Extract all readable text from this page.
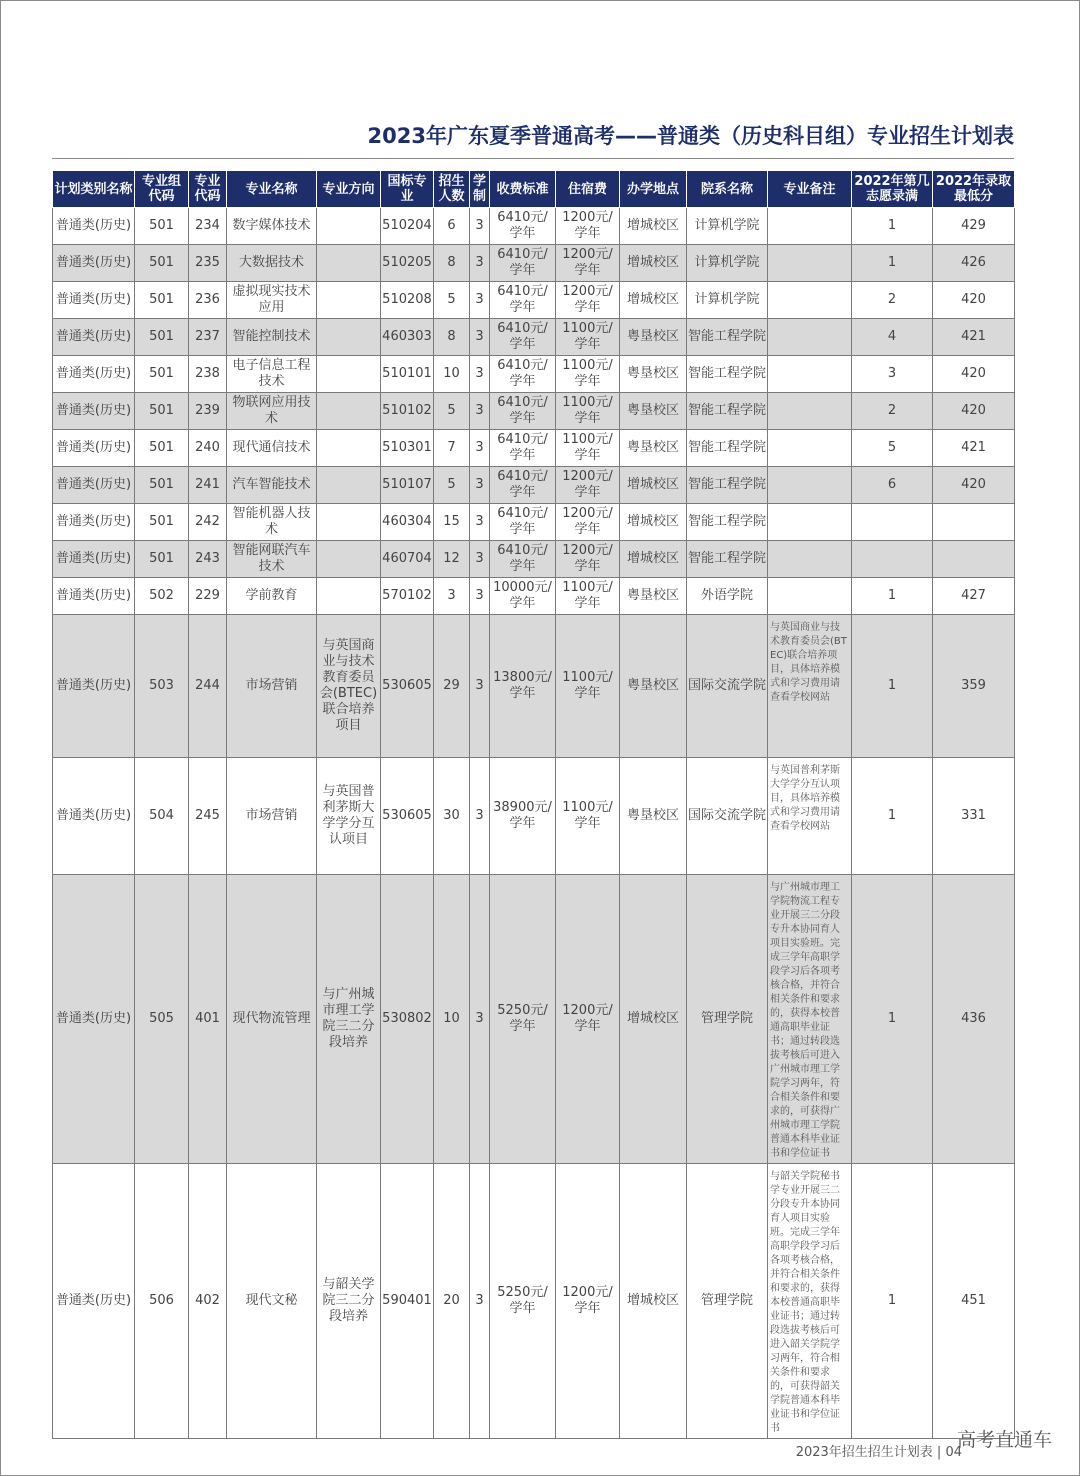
2023年广东夏季普通高考——普通类（历史科目组）专业招生计划表
计划类别名称	专业组代码	专业代码	专业名称	专业方向	国标专业	招生人数	学制	收费标准	住宿费	办学地点	院系名称	专业备注	2022年第几志愿录满	2022年录取最低分
普通类(历史)	501	234	数字媒体技术		510204	6	3	6410元/学年	1200元/学年	增城校区	计算机学院		1	429
普通类(历史)	501	235	大数据技术		510205	8	3	6410元/学年	1200元/学年	增城校区	计算机学院		1	426
普通类(历史)	501	236	虚拟现实技术应用		510208	5	3	6410元/学年	1200元/学年	增城校区	计算机学院		2	420
普通类(历史)	501	237	智能控制技术		460303	8	3	6410元/学年	1100元/学年	粤垦校区	智能工程学院		4	421
普通类(历史)	501	238	电子信息工程技术		510101	10	3	6410元/学年	1100元/学年	粤垦校区	智能工程学院		3	420
普通类(历史)	501	239	物联网应用技术		510102	5	3	6410元/学年	1100元/学年	粤垦校区	智能工程学院		2	420
普通类(历史)	501	240	现代通信技术		510301	7	3	6410元/学年	1100元/学年	粤垦校区	智能工程学院		5	421
普通类(历史)	501	241	汽车智能技术		510107	5	3	6410元/学年	1200元/学年	增城校区	智能工程学院		6	420
普通类(历史)	501	242	智能机器人技术		460304	15	3	6410元/学年	1200元/学年	增城校区	智能工程学院			
普通类(历史)	501	243	智能网联汽车技术		460704	12	3	6410元/学年	1200元/学年	增城校区	智能工程学院			
普通类(历史)	502	229	学前教育		570102	3	3	10000元/学年	1100元/学年	粤垦校区	外语学院		1	427
普通类(历史)	503	244	市场营销	与英国商业与技术教育委员会(BTEC)联合培养项目	530605	29	3	13800元/学年	1100元/学年	粤垦校区	国际交流学院	与英国商业与技术教育委员会(BTEC)联合培养项目，具体培养模式和学习费用请查看学校网站	1	359
普通类(历史)	504	245	市场营销	与英国普利茅斯大学学分互认项目	530605	30	3	38900元/学年	1100元/学年	粤垦校区	国际交流学院	与英国普利茅斯大学学分互认项目，具体培养模式和学习费用请查看学校网站	1	331
普通类(历史)	505	401	现代物流管理	与广州城市理工学院三二分段培养	530802	10	3	5250元/学年	1200元/学年	增城校区	管理学院	与广州城市理工学院物流工程专业开展三二分段专升本协同育人项目实验班。完成三学年高职学段学习后各项考核合格，并符合相关条件和要求的，获得本校普通高职毕业证书；通过转段选拔考核后可进入广州城市理工学院学习两年，符合相关条件和要求的，可获得广州城市理工学院普通本科毕业证书和学位证书	1	436
普通类(历史)	506	402	现代文秘	与韶关学院三二分段培养	590401	20	3	5250元/学年	1200元/学年	增城校区	管理学院	与韶关学院秘书学专业开展三二分段专升本协同育人项目实验班。完成三学年高职学段学习后各项考核合格，并符合相关条件和要求的，获得本校普通高职毕业证书；通过转段选拔考核后可进入韶关学院学习两年，符合相关条件和要求的，可获得韶关学院普通本科毕业证书和学位证书	1	451
2023年招生招生计划表 | 04
高考直通车
